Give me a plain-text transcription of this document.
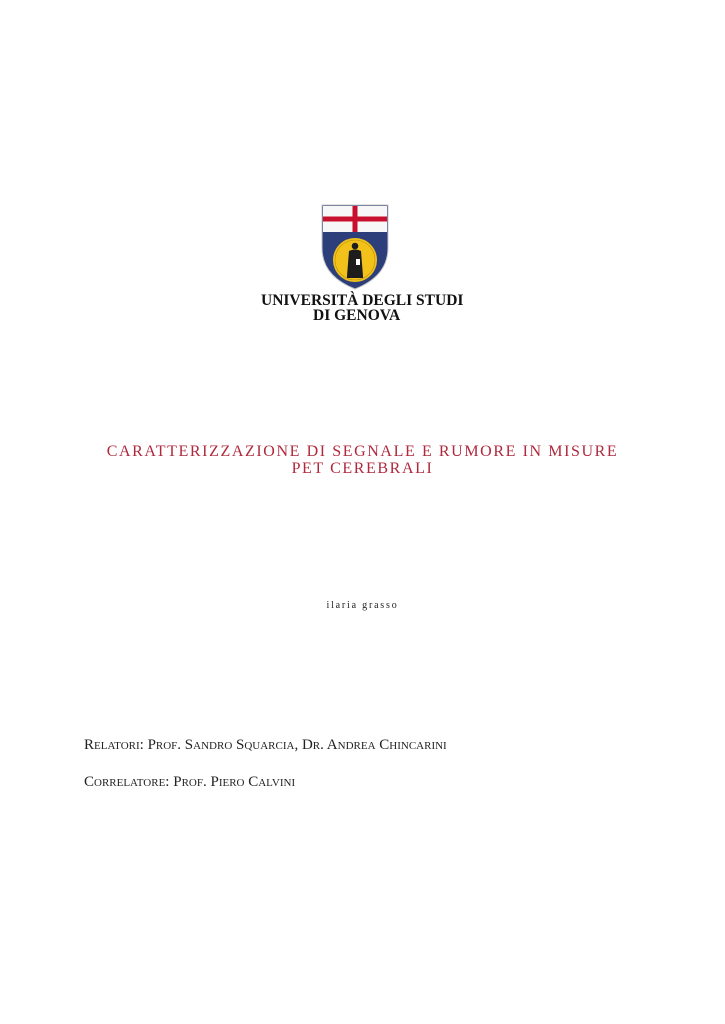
UNIVERSITÀ DEGLI STUDI
DI GENOVA
CARATTERIZZAZIONE DI SEGNALE E RUMORE IN MISURE
PET CEREBRALI
ilaria grasso
Relatori: Prof. Sandro Squarcia, Dr. Andrea Chincarini
Correlatore: Prof. Piero Calvini
